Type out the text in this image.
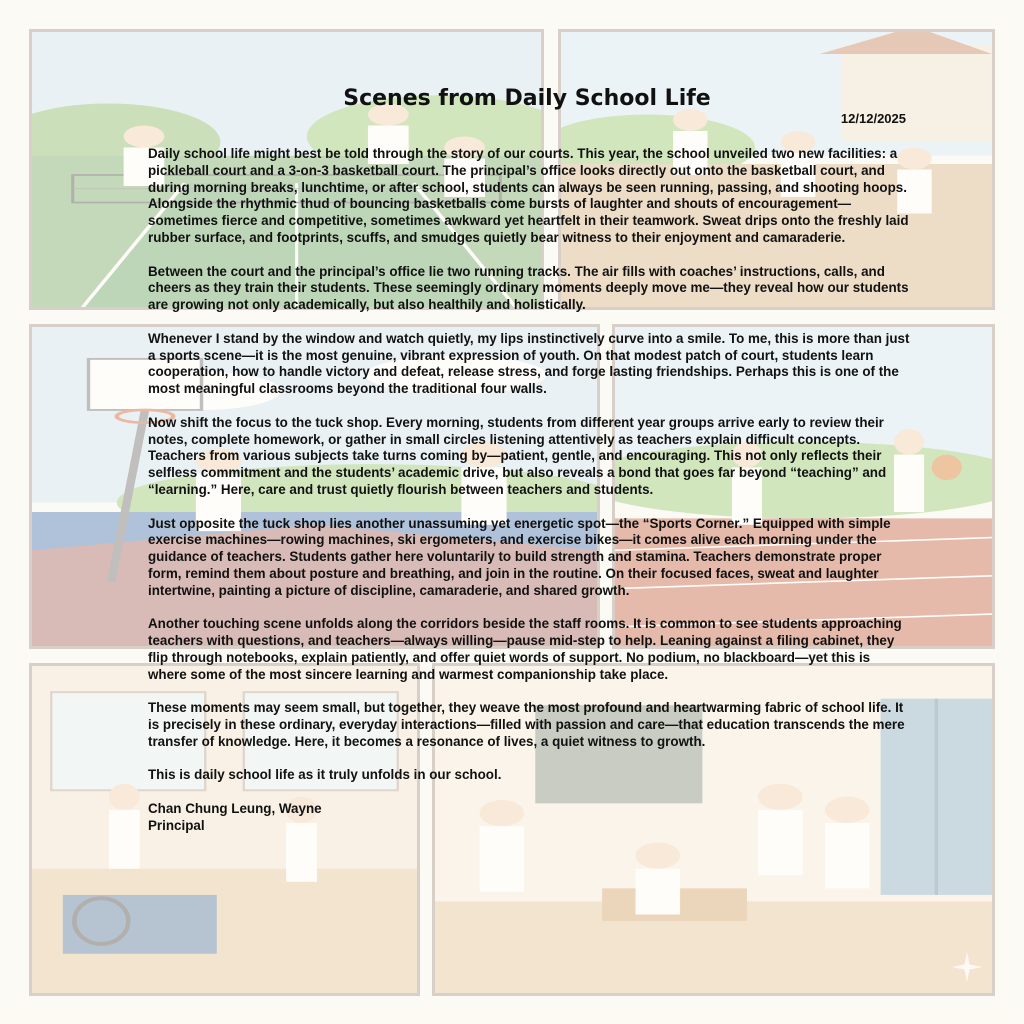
Scenes from Daily School Life
12/12/2025

Daily school life might best be told through the story of our courts. This year, the school unveiled two new facilities: a pickleball court and a 3-on-3 basketball court. The principal’s office looks directly out onto the basketball court, and during morning breaks, lunchtime, or after school, students can always be seen running, passing, and shooting hoops. Alongside the rhythmic thud of bouncing basketballs come bursts of laughter and shouts of encouragement—sometimes fierce and competitive, sometimes awkward yet heartfelt in their teamwork. Sweat drips onto the freshly laid rubber surface, and footprints, scuffs, and smudges quietly bear witness to their enjoyment and camaraderie.

Between the court and the principal’s office lie two running tracks. The air fills with coaches’ instructions, calls, and cheers as they train their students. These seemingly ordinary moments deeply move me—they reveal how our students are growing not only academically, but also healthily and holistically.

Whenever I stand by the window and watch quietly, my lips instinctively curve into a smile. To me, this is more than just a sports scene—it is the most genuine, vibrant expression of youth. On that modest patch of court, students learn cooperation, how to handle victory and defeat, release stress, and forge lasting friendships. Perhaps this is one of the most meaningful classrooms beyond the traditional four walls.

Now shift the focus to the tuck shop. Every morning, students from different year groups arrive early to review their notes, complete homework, or gather in small circles listening attentively as teachers explain difficult concepts. Teachers from various subjects take turns coming by—patient, gentle, and encouraging. This not only reflects their selfless commitment and the students’ academic drive, but also reveals a bond that goes far beyond “teaching” and “learning.” Here, care and trust quietly flourish between teachers and students.

Just opposite the tuck shop lies another unassuming yet energetic spot—the “Sports Corner.” Equipped with simple exercise machines—rowing machines, ski ergometers, and exercise bikes—it comes alive each morning under the guidance of teachers. Students gather here voluntarily to build strength and stamina. Teachers demonstrate proper form, remind them about posture and breathing, and join in the routine. On their focused faces, sweat and laughter intertwine, painting a picture of discipline, camaraderie, and shared growth.

Another touching scene unfolds along the corridors beside the staff rooms. It is common to see students approaching teachers with questions, and teachers—always willing—pause mid-step to help. Leaning against a filing cabinet, they flip through notebooks, explain patiently, and offer quiet words of support. No podium, no blackboard—yet this is where some of the most sincere learning and warmest companionship take place.

These moments may seem small, but together, they weave the most profound and heartwarming fabric of school life. It is precisely in these ordinary, everyday interactions—filled with passion and care—that education transcends the mere transfer of knowledge. Here, it becomes a resonance of lives, a quiet witness to growth.

This is daily school life as it truly unfolds in our school.

Chan Chung Leung, Wayne
Principal
